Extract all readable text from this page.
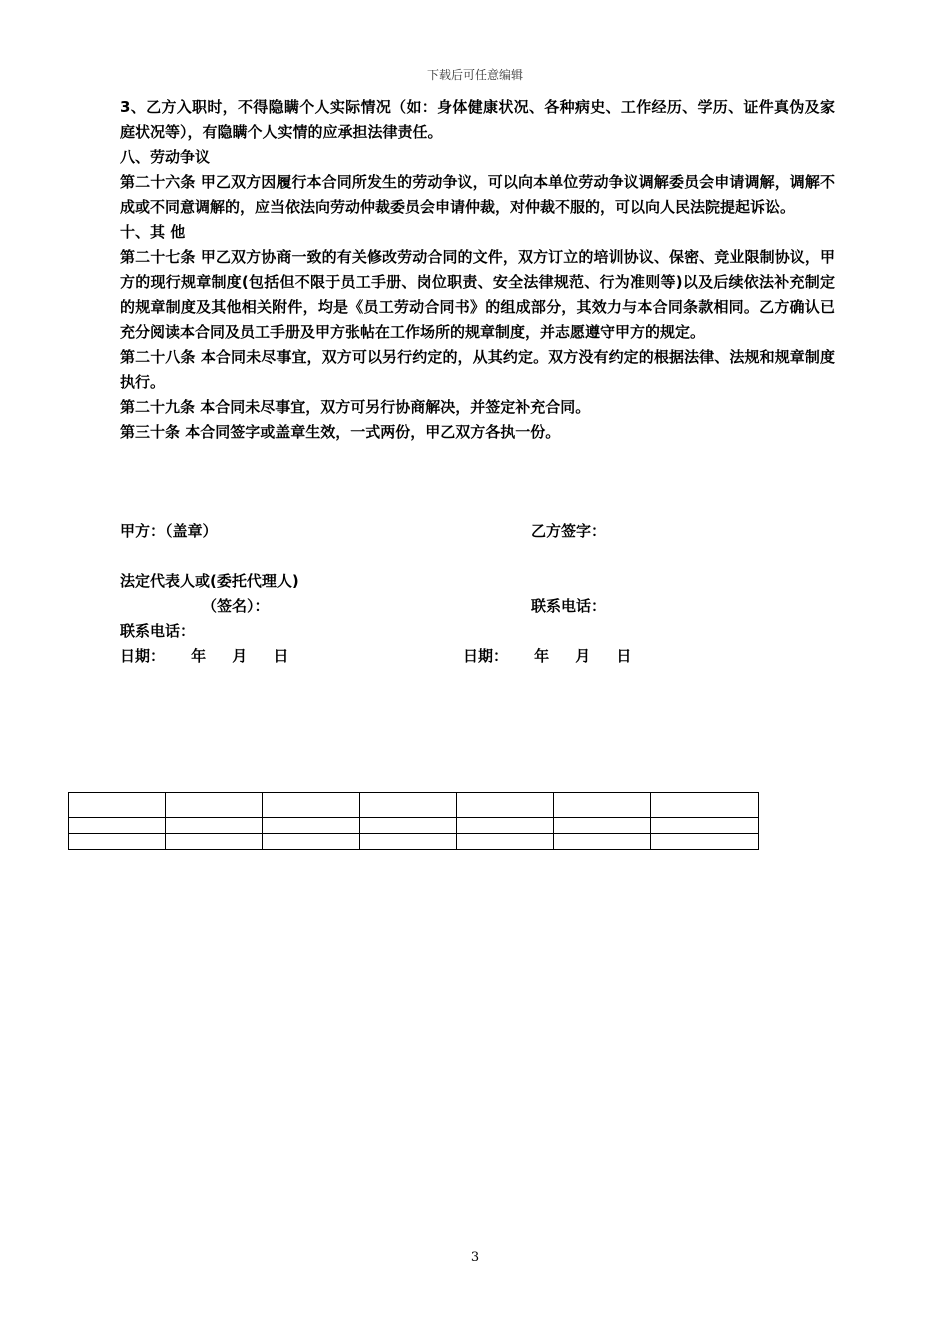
下载后可任意编辑

3、乙方入职时，不得隐瞒个人实际情况（如：身体健康状况、各种病史、工作经历、学历、证件真伪及家庭状况等），有隐瞒个人实情的应承担法律责任。

八、劳动争议

第二十六条 甲乙双方因履行本合同所发生的劳动争议，可以向本单位劳动争议调解委员会申请调解，调解不成或不同意调解的，应当依法向劳动仲裁委员会申请仲裁，对仲裁不服的，可以向人民法院提起诉讼。

十、其 他

第二十七条 甲乙双方协商一致的有关修改劳动合同的文件，双方订立的培训协议、保密、竞业限制协议，甲方的现行规章制度(包括但不限于员工手册、岗位职责、安全法律规范、行为准则等)以及后续依法补充制定的规章制度及其他相关附件，均是《员工劳动合同书》的组成部分，其效力与本合同条款相同。乙方确认已充分阅读本合同及员工手册及甲方张帖在工作场所的规章制度，并志愿遵守甲方的规定。

第二十八条 本合同未尽事宜，双方可以另行约定的，从其约定。双方没有约定的根据法律、法规和规章制度执行。

第二十九条 本合同未尽事宜，双方可另行协商解决，并签定补充合同。

第三十条 本合同签字或盖章生效，一式两份，甲乙双方各执一份。

甲方：（盖章）	乙方签字：
法定代表人或(委托代理人)
（签名）：	联系电话：
联系电话：
日期：     年     月     日	日期：     年     月     日

3
